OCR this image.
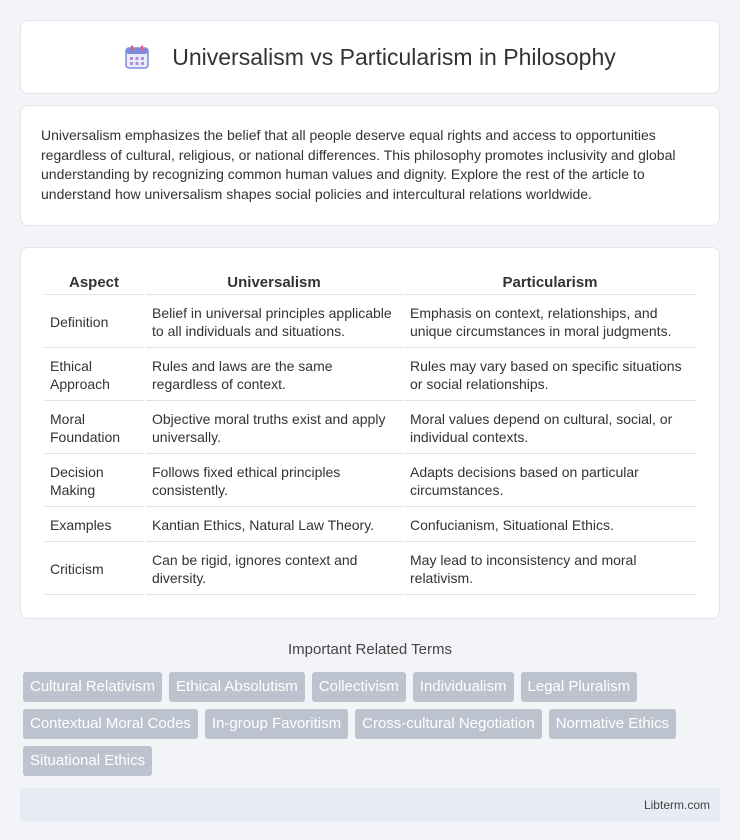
Universalism vs Particularism in Philosophy

Universalism emphasizes the belief that all people deserve equal rights and access to opportunities regardless of cultural, religious, or national differences. This philosophy promotes inclusivity and global understanding by recognizing common human values and dignity. Explore the rest of the article to understand how universalism shapes social policies and intercultural relations worldwide.

Aspect	Universalism	Particularism
Definition	Belief in universal principles applicable to all individuals and situations.	Emphasis on context, relationships, and unique circumstances in moral judgments.
Ethical Approach	Rules and laws are the same regardless of context.	Rules may vary based on specific situations or social relationships.
Moral Foundation	Objective moral truths exist and apply universally.	Moral values depend on cultural, social, or individual contexts.
Decision Making	Follows fixed ethical principles consistently.	Adapts decisions based on particular circumstances.
Examples	Kantian Ethics, Natural Law Theory.	Confucianism, Situational Ethics.
Criticism	Can be rigid, ignores context and diversity.	May lead to inconsistency and moral relativism.
Important Related Terms
Cultural Relativism	Ethical Absolutism	Collectivism	Individualism	Legal Pluralism
Contextual Moral Codes	In-group Favoritism	Cross-cultural Negotiation	Normative Ethics
Situational Ethics
Libterm.com
